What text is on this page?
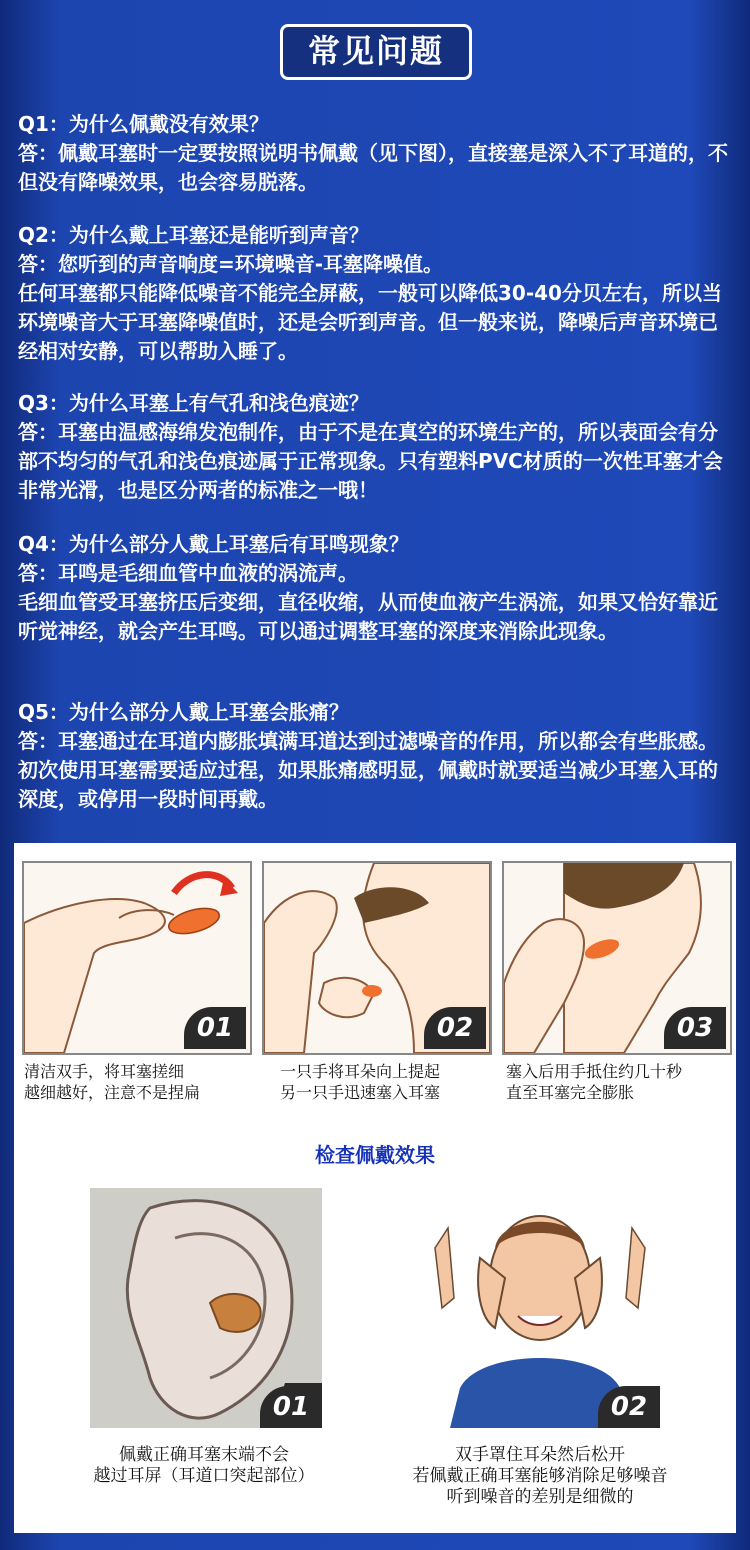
常见问题

Q1：为什么佩戴没有效果？

答：佩戴耳塞时一定要按照说明书佩戴（见下图），直接塞是深入不了耳道的，不但没有降噪效果，也会容易脱落。

Q2：为什么戴上耳塞还是能听到声音？

答：您听到的声音响度=环境噪音-耳塞降噪值。

任何耳塞都只能降低噪音不能完全屏蔽，一般可以降低30-40分贝左右，所以当环境噪音大于耳塞降噪值时，还是会听到声音。但一般来说，降噪后声音环境已经相对安静，可以帮助入睡了。

Q3：为什么耳塞上有气孔和浅色痕迹？

答：耳塞由温感海绵发泡制作，由于不是在真空的环境生产的，所以表面会有分部不均匀的气孔和浅色痕迹属于正常现象。只有塑料PVC材质的一次性耳塞才会非常光滑，也是区分两者的标准之一哦！

Q4：为什么部分人戴上耳塞后有耳鸣现象？

答：耳鸣是毛细血管中血液的涡流声。

毛细血管受耳塞挤压后变细，直径收缩，从而使血液产生涡流，如果又恰好靠近听觉神经，就会产生耳鸣。可以通过调整耳塞的深度来消除此现象。

Q5：为什么部分人戴上耳塞会胀痛？

答：耳塞通过在耳道内膨胀填满耳道达到过滤噪音的作用，所以都会有些胀感。初次使用耳塞需要适应过程，如果胀痛感明显，佩戴时就要适当减少耳塞入耳的深度，或停用一段时间再戴。

01
清洁双手，将耳塞搓细
越细越好，注意不是捏扁
02
一只手将耳朵向上提起
另一只手迅速塞入耳塞
03
塞入后用手抵住约几十秒
直至耳塞完全膨胀
检查佩戴效果
01
佩戴正确耳塞末端不会
越过耳屏（耳道口突起部位）
02
双手罩住耳朵然后松开
若佩戴正确耳塞能够消除足够噪音
听到噪音的差别是细微的
